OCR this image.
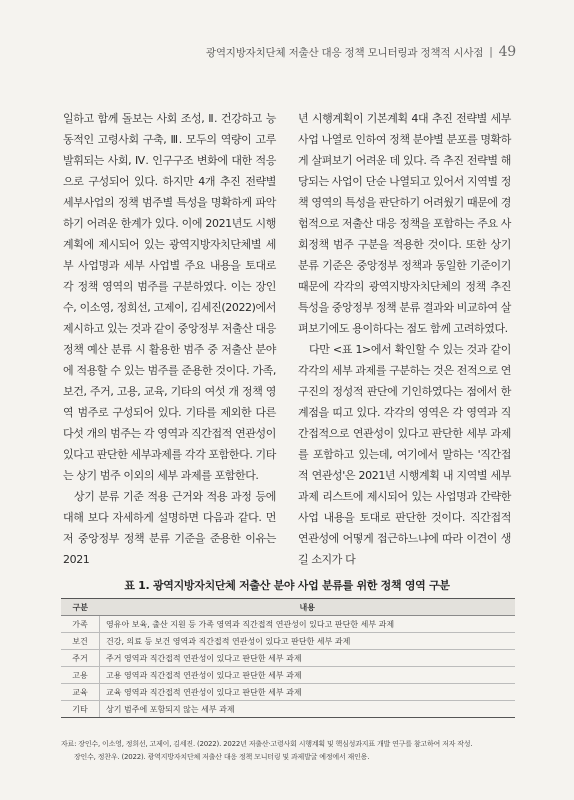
광역지방자치단체 저출산 대응 정책 모니터링과 정책적 시사점 | 49

일하고 함께 돌보는 사회 조성, Ⅱ. 건강하고 능동적인 고령사회 구축, Ⅲ. 모두의 역량이 고루 발휘되는 사회, Ⅳ. 인구구조 변화에 대한 적응으로 구성되어 있다. 하지만 4개 추진 전략별 세부사업의 정책 범주별 특성을 명확하게 파악하기 어려운 한계가 있다. 이에 2021년도 시행계획에 제시되어 있는 광역지방자치단체별 세부 사업명과 세부 사업별 주요 내용을 토대로 각 정책 영역의 범주를 구분하였다. 이는 장인수, 이소영, 정희선, 고제이, 김세진(2022)에서 제시하고 있는 것과 같이 중앙정부 저출산 대응 정책 예산 분류 시 활용한 범주 중 저출산 분야에 적용할 수 있는 범주를 준용한 것이다. 가족, 보건, 주거, 고용, 교육, 기타의 여섯 개 정책 영역 범주로 구성되어 있다. 기타를 제외한 다른 다섯 개의 범주는 각 영역과 직간접적 연관성이 있다고 판단한 세부과제를 각각 포함한다. 기타는 상기 범주 이외의 세부 과제를 포함한다.

상기 분류 기준 적용 근거와 적용 과정 등에 대해 보다 자세하게 설명하면 다음과 같다. 먼저 중앙정부 정책 분류 기준을 준용한 이유는 2021

년 시행계획이 기본계획 4대 추진 전략별 세부사업 나열로 인하여 정책 분야별 분포를 명확하게 살펴보기 어려운 데 있다. 즉 추진 전략별 해당되는 사업이 단순 나열되고 있어서 지역별 정책 영역의 특성을 판단하기 어려웠기 때문에 경험적으로 저출산 대응 정책을 포함하는 주요 사회정책 범주 구분을 적용한 것이다. 또한 상기 분류 기준은 중앙정부 정책과 동일한 기준이기 때문에 각각의 광역지방자치단체의 정책 추진 특성을 중앙정부 정책 분류 결과와 비교하여 살펴보기에도 용이하다는 점도 함께 고려하였다.

다만 <표 1>에서 확인할 수 있는 것과 같이 각각의 세부 과제를 구분하는 것은 전적으로 연구진의 정성적 판단에 기인하였다는 점에서 한계점을 띠고 있다. 각각의 영역은 각 영역과 직간접적으로 연관성이 있다고 판단한 세부 과제를 포함하고 있는데, 여기에서 말하는 '직간접적 연관성'은 2021년 시행계획 내 지역별 세부 과제 리스트에 제시되어 있는 사업명과 간략한 사업 내용을 토대로 판단한 것이다. 직간접적 연관성에 어떻게 접근하느냐에 따라 이견이 생길 소지가 다

표 1. 광역지방자치단체 저출산 분야 사업 분류를 위한 정책 영역 구분
구분	내용
가족	영유아 보육, 출산 지원 등 가족 영역과 직간접적 연관성이 있다고 판단한 세부 과제
보건	건강, 의료 등 보건 영역과 직간접적 연관성이 있다고 판단한 세부 과제
주거	주거 영역과 직간접적 연관성이 있다고 판단한 세부 과제
고용	고용 영역과 직간접적 연관성이 있다고 판단한 세부 과제
교육	교육 영역과 직간접적 연관성이 있다고 판단한 세부 과제
기타	상기 범주에 포함되지 않는 세부 과제
자료: 장인수, 이소영, 정희선, 고제이, 김세진. (2022). 2022년 저출산·고령사회 시행계획 및 핵심성과지표 개발 연구를 참고하여 저자 작성.
장인수, 정찬우. (2022). 광역지방자치단체 저출산 대응 정책 모니터링 및 과제발굴 예정에서 재인용.
